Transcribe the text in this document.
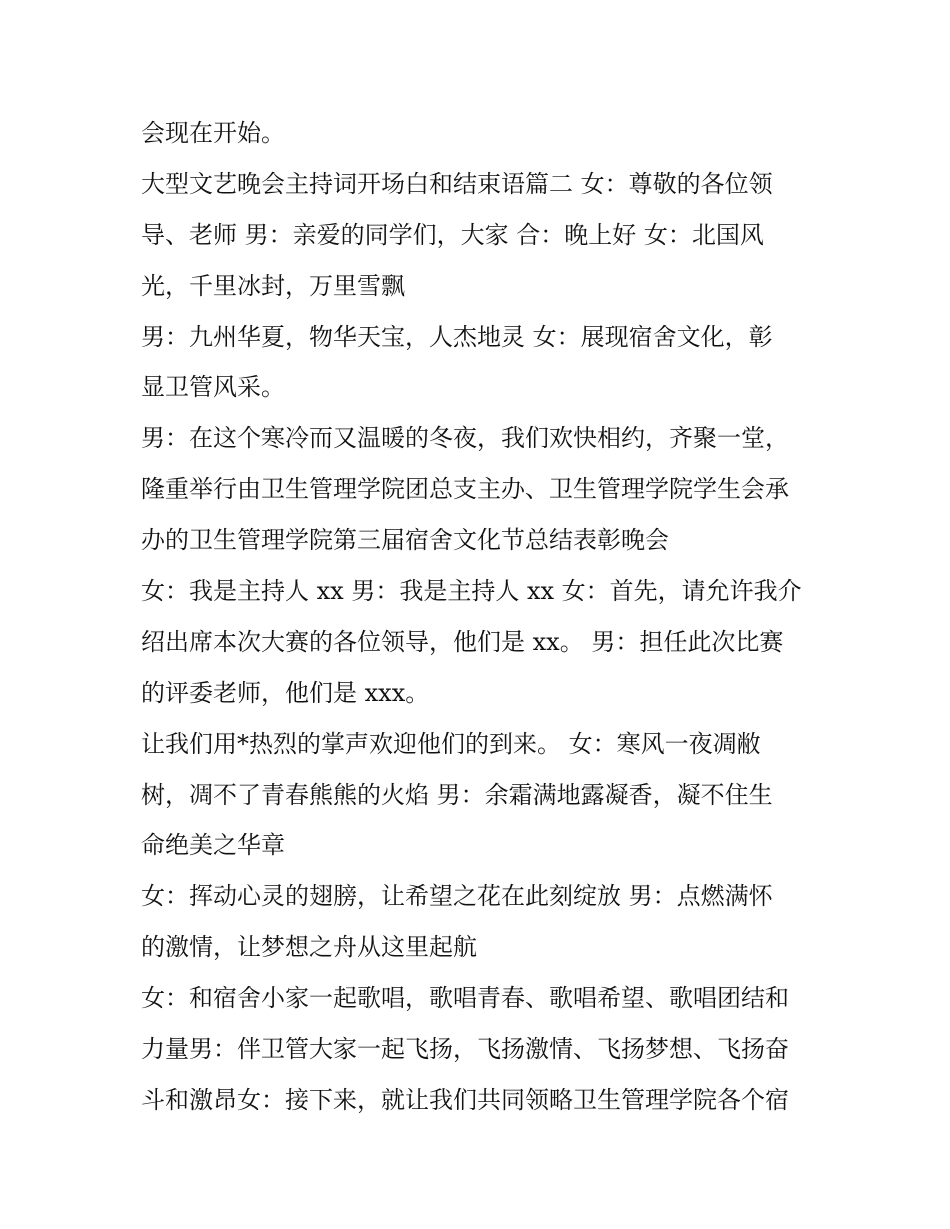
会现在开始。
大型文艺晚会主持词开场白和结束语篇二 女：尊敬的各位领
导、老师 男：亲爱的同学们，大家 合：晚上好 女：北国风
光，千里冰封，万里雪飘
男：九州华夏，物华天宝，人杰地灵 女：展现宿舍文化，彰
显卫管风采。
男：在这个寒冷而又温暖的冬夜，我们欢快相约，齐聚一堂，
隆重举行由卫生管理学院团总支主办、卫生管理学院学生会承
办的卫生管理学院第三届宿舍文化节总结表彰晚会
女：我是主持人 xx 男：我是主持人 xx 女：首先，请允许我介
绍出席本次大赛的各位领导，他们是 xx。 男：担任此次比赛
的评委老师，他们是 xxx。
让我们用*热烈的掌声欢迎他们的到来。 女：寒风一夜凋敝
树，凋不了青春熊熊的火焰 男：余霜满地露凝香，凝不住生
命绝美之华章
女：挥动心灵的翅膀，让希望之花在此刻绽放 男：点燃满怀
的激情，让梦想之舟从这里起航
女：和宿舍小家一起歌唱，歌唱青春、歌唱希望、歌唱团结和
力量男：伴卫管大家一起飞扬，飞扬激情、飞扬梦想、飞扬奋
斗和激昂女：接下来，就让我们共同领略卫生管理学院各个宿
